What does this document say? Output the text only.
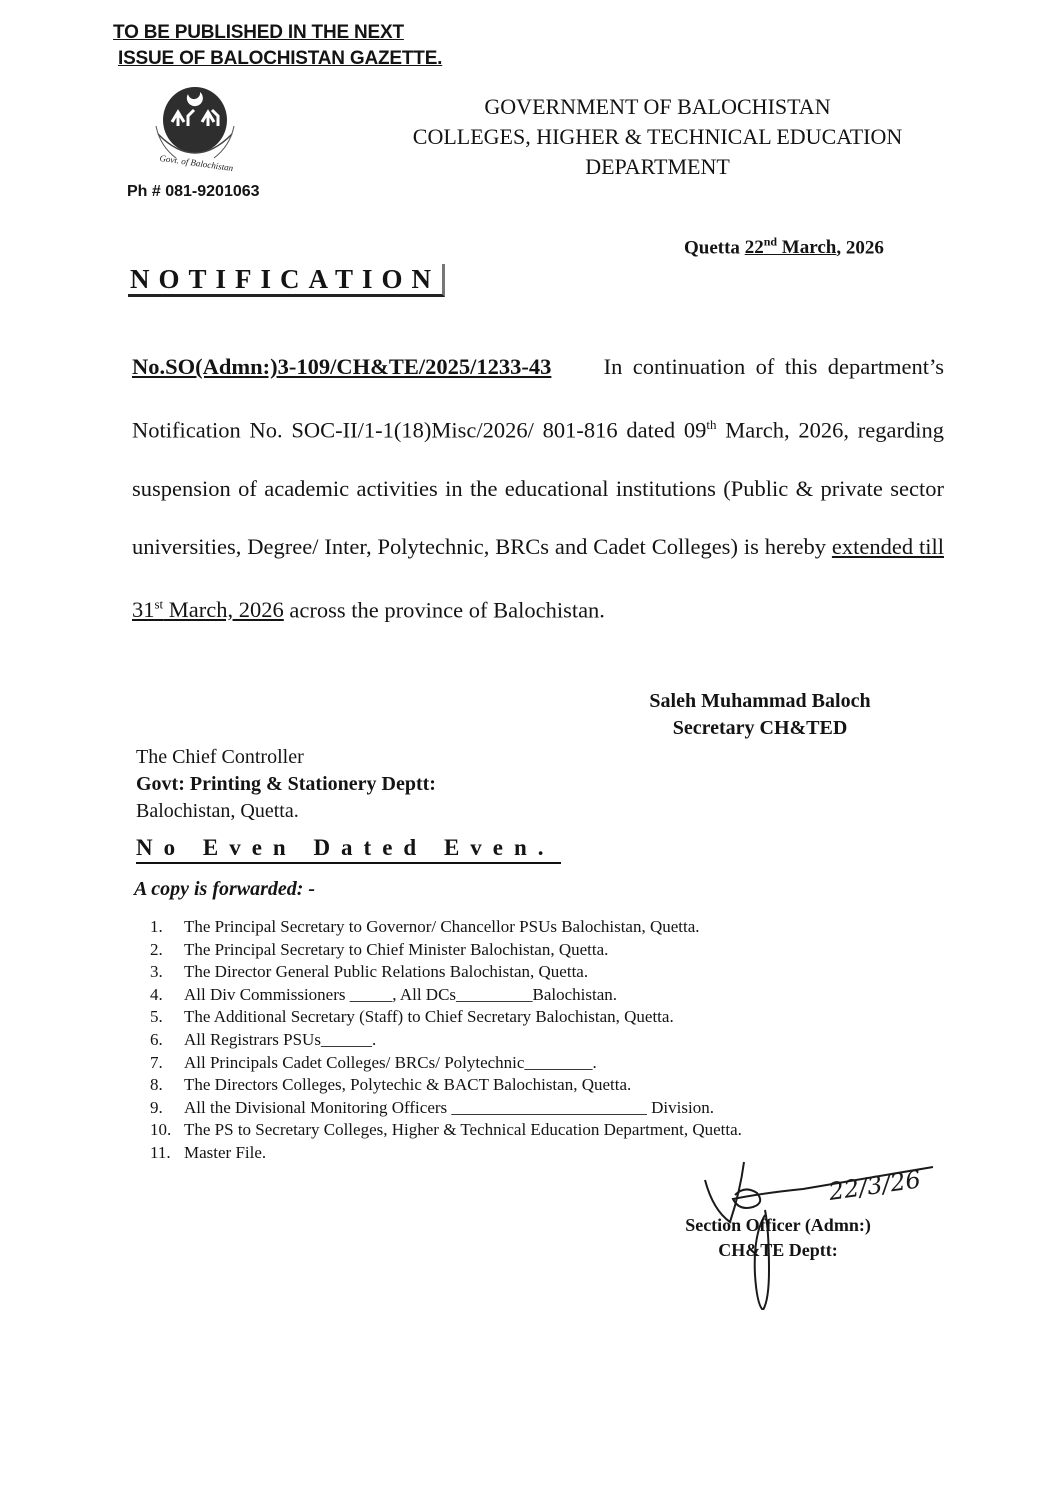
TO BE PUBLISHED IN THE NEXT
ISSUE OF BALOCHISTAN GAZETTE.
Govt. of Balochistan
Ph # 081-9201063
GOVERNMENT OF BALOCHISTAN
COLLEGES, HIGHER & TECHNICAL EDUCATION
DEPARTMENT
Quetta 22nd March, 2026
NOTIFICATION
No.SO(Admn:)3-109/CH&TE/2025/1233-43 In continuation of this department’s Notification No. SOC-II/1-1(18)Misc/2026/ 801-816 dated 09th March, 2026, regarding suspension of academic activities in the educational institutions (Public & private sector universities, Degree/ Inter, Polytechnic, BRCs and Cadet Colleges) is hereby extended till 31st March, 2026 across the province of Balochistan.
Saleh Muhammad Baloch
Secretary CH&TED
The Chief Controller
Govt: Printing & Stationery Deptt:
Balochistan, Quetta.
No Even Dated Even.
A copy is forwarded: -
1.	The Principal Secretary to Governor/ Chancellor PSUs Balochistan, Quetta.
2.	The Principal Secretary to Chief Minister Balochistan, Quetta.
3.	The Director General Public Relations Balochistan, Quetta.
4.	All Div Commissioners _____, All DCs_________Balochistan.
5.	The Additional Secretary (Staff) to Chief Secretary Balochistan, Quetta.
6.	All Registrars PSUs______.
7.	All Principals Cadet Colleges/ BRCs/ Polytechnic________.
8.	The Directors Colleges, Polytechic & BACT Balochistan, Quetta.
9.	All the Divisional Monitoring Officers _______________________ Division.
10. The PS to Secretary Colleges, Higher & Technical Education Department, Quetta.
11. Master File.
22/3/26
Section Officer (Admn:)
CH&TE Deptt:
